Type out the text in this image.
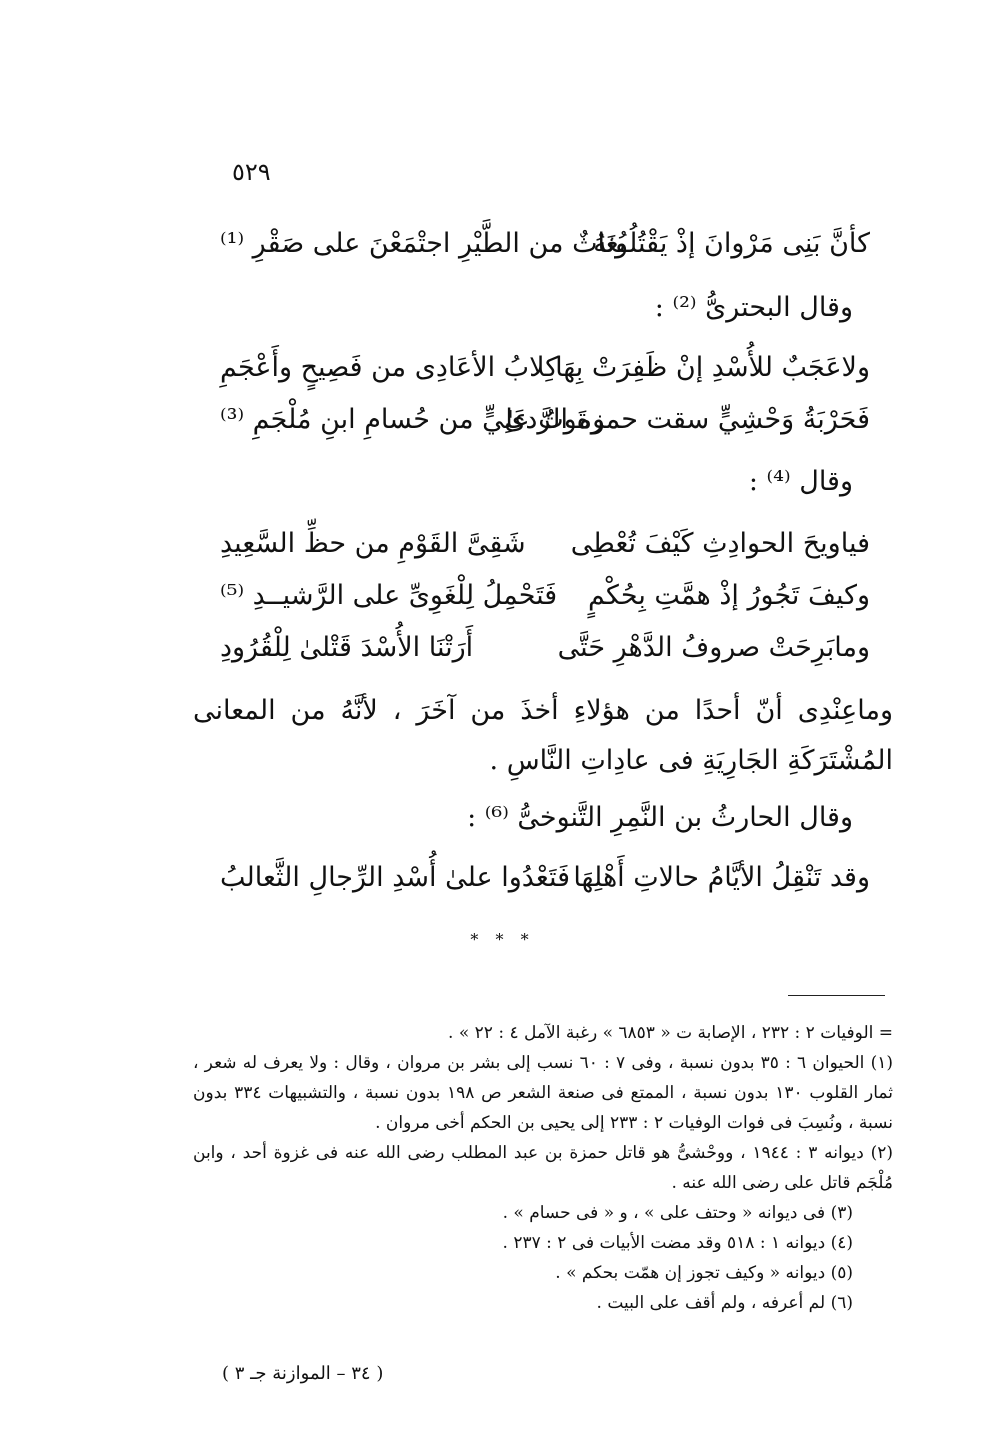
٥٢٩
كأنَّ بَنِى مَرْوانَ إذْ يَقْتُلُونَهُ
بُغاثٌ من الطَّيْرِ اجتْمَعْنَ على صَقْرِ ⁽¹⁾
وقال البحترىُّ ⁽²⁾ :
ولاعَجَبٌ للأُسْدِ إنْ ظَفِرَتْ بِهَا
كِلابُ الأعَادِى من فَصِيحٍ وأَعْجَمِ
فَحَرْبَةُ وَحْشِيٍّ سقت حمزةَ الرَّدىٰ
وموتُ عَلِيٍّ من حُسامِ ابنِ مُلْجَمِ ⁽³⁾
وقال ⁽⁴⁾ :
فياويحَ الحوادِثِ كَيْفَ تُعْطِى
شَقِىَّ القَوْمِ من حظِّ السَّعِيدِ
وكيفَ تَجُورُ إذْ همَّتِ بِحُكْمٍ
فَتَحْمِلُ لِلْغَوِىِّ على الرَّشيــدِ ⁽⁵⁾
ومابَرِحَتْ صروفُ الدَّهْرِ حَتَّى
أَرَتْنَا الأُسْدَ قَتْلىٰ لِلْقُرُودِ
وماعِنْدِى أنّ أحدًا من هؤلاءِ أخذَ من آخَرَ ، لأنَّهُ من المعانى المُشْتَرَكَةِ الجَارِيَةِ فى عادِاتِ النَّاسِ .
وقال الحارثُ بن النَّمِرِ التَّنوخىُّ ⁽⁶⁾ :
وقد تَنْقِلُ الأيَّامُ حالاتِ أَهْلِهَا
فَتَعْدُوا علىٰ أُسْدِ الرِّجالِ الثَّعالبُ
* * *

= الوفيات ٢ : ٢٣٢ ، الإصابة ت « ٦٨٥٣ » رغبة الآمل ٤ : ٢٢ » .

(١) الحيوان ٦ : ٣٥ بدون نسبة ، وفى ٧ : ٦٠ نسب إلى بشر بن مروان ، وقال : ولا يعرف له شعر ، ثمار القلوب ١٣٠ بدون نسبة ، الممتع فى صنعة الشعر ص ١٩٨ بدون نسبة ، والتشبيهات ٣٣٤ بدون نسبة ، ونُسِبَ فى فوات الوفيات ٢ : ٢٣٣ إلى يحيى بن الحكم أخى مروان .

(٢) ديوانه ٣ : ١٩٤٤ ، ووحْشىُّ هو قاتل حمزة بن عبد المطلب رضى الله عنه فى غزوة أحد ، وابن مُلْجَم قاتل على رضى الله عنه .

(٣) فى ديوانه « وحتف على » ، و « فى حسام » .

(٤) ديوانه ١ : ٥١٨ وقد مضت الأبيات فى ٢ : ٢٣٧ .

(٥) ديوانه « وكيف تجوز إن همّت بحكم » .

(٦) لم أعرفه ، ولم أقف على البيت .

( ٣٤ – الموازنة جـ ٣ )
